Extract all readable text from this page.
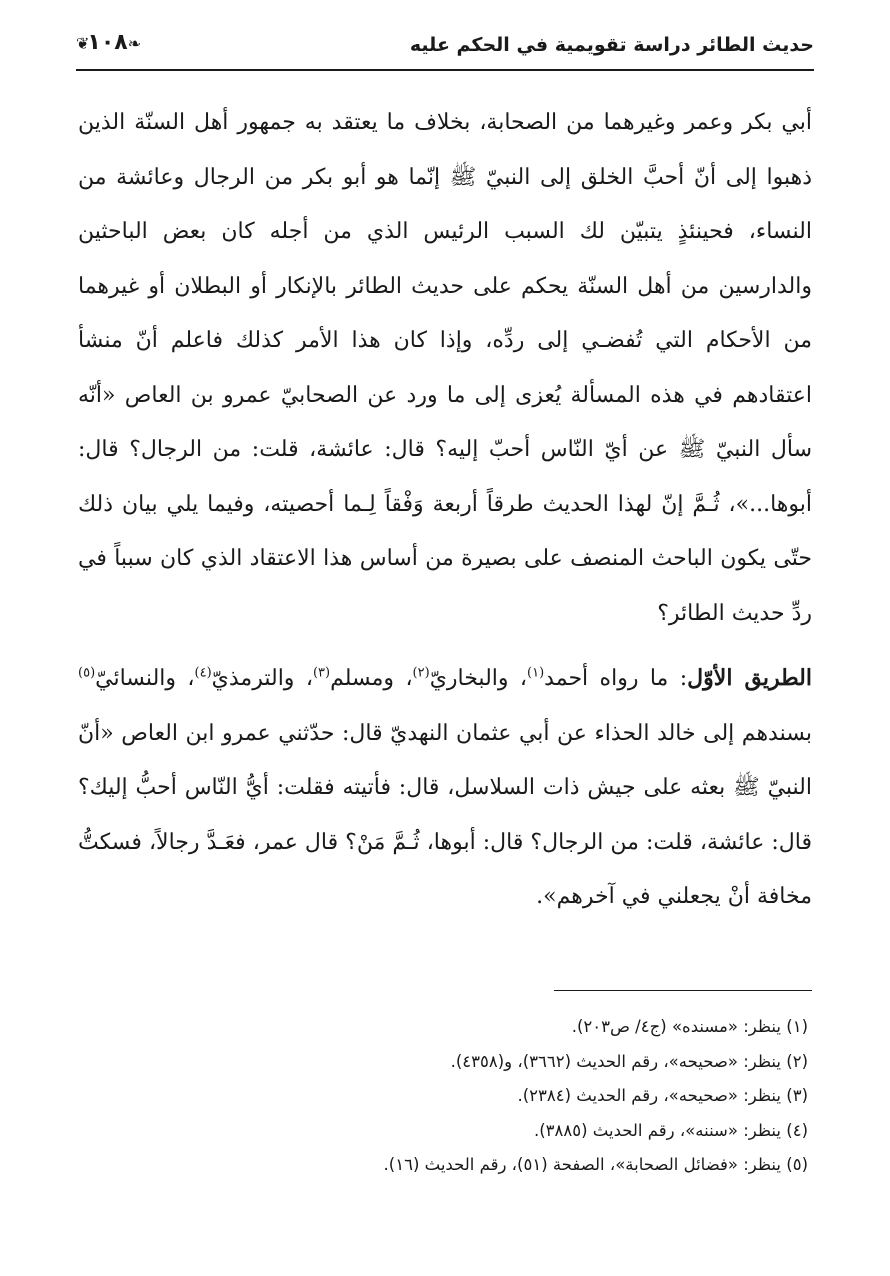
حديث الطائر دراسة تقويمية في الحكم عليه
❦١٠٨❧

أبي بكر وعمر وغيرهما من الصحابة، بخلاف ما يعتقد به جمهور أهل السنّة الذين ذهبوا إلى أنّ أحبَّ الخلق إلى النبيّ ﷺ إنّما هو أبو بكر من الرجال وعائشة من النساء، فحينئذٍ يتبيّن لك السبب الرئيس الذي من أجله كان بعض الباحثين والدارسين من أهل السنّة يحكم على حديث الطائر بالإنكار أو البطلان أو غيرهما من الأحكام التي تُفضـي إلى ردِّه، وإذا كان هذا الأمر كذلك فاعلم أنّ منشأ اعتقادهم في هذه المسألة يُعزى إلى ما ورد عن الصحابيّ عمرو بن العاص «أنّه سأل النبيّ ﷺ عن أيّ النّاس أحبّ إليه؟ قال: عائشة، قلت: من الرجال؟ قال: أبوها...»، ثُـمَّ إنّ لهذا الحديث طرقاً أربعة وَفْقاً لِـما أحصيته، وفيما يلي بيان ذلك حتّى يكون الباحث المنصف على بصيرة من أساس هذا الاعتقاد الذي كان سبباً في ردِّ حديث الطائر؟

الطريق الأوّل: ما رواه أحمد$^{(١)}$، والبخاريّ$^{(٢)}$، ومسلم$^{(٣)}$، والترمذيّ$^{(٤)}$، والنسائيّ$^{(٥)}$ بسندهم إلى خالد الحذاء عن أبي عثمان النهديّ قال: حدّثني عمرو ابن العاص «أنّ النبيّ ﷺ بعثه على جيش ذات السلاسل، قال: فأتيته فقلت: أيُّ النّاس أحبُّ إليك؟ قال: عائشة، قلت: من الرجال؟ قال: أبوها، ثُـمَّ مَنْ؟ قال عمر، فعَـدَّ رجالاً، فسكتُّ مخافة أنْ يجعلني في آخرهم».

(١) ينظر: «مسنده» (ج٤/ ص٢٠٣).
(٢) ينظر: «صحيحه»، رقم الحديث (٣٦٦٢)، و(٤٣٥٨).
(٣) ينظر: «صحيحه»، رقم الحديث (٢٣٨٤).
(٤) ينظر: «سننه»، رقم الحديث (٣٨٨٥).
(٥) ينظر: «فضائل الصحابة»، الصفحة (٥١)، رقم الحديث (١٦).
